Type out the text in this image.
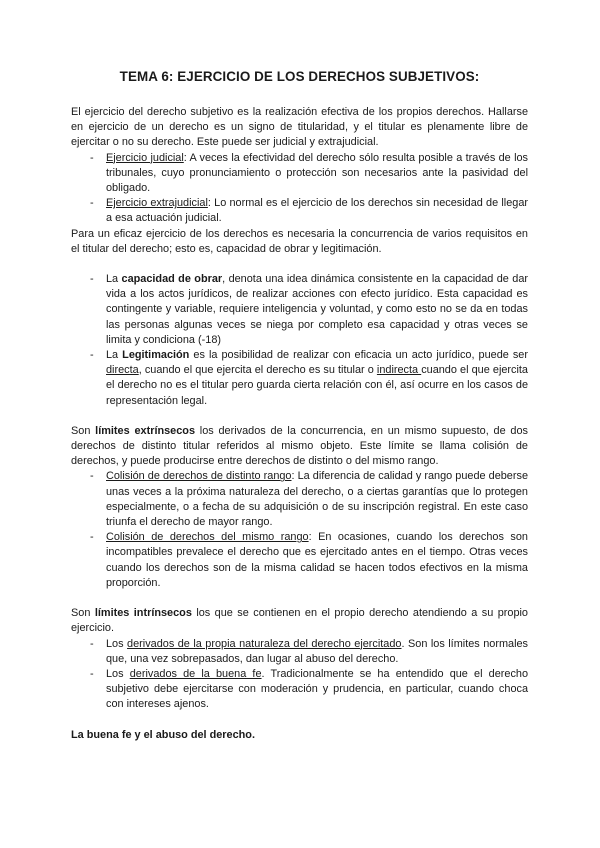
TEMA 6: EJERCICIO DE LOS DERECHOS SUBJETIVOS:

El ejercicio del derecho subjetivo es la realización efectiva de los propios derechos. Hallarse en ejercicio de un derecho es un signo de titularidad, y el titular es plenamente libre de ejercitar o no su derecho. Este puede ser judicial y extrajudicial.

- Ejercicio judicial: A veces la efectividad del derecho sólo resulta posible a través de los tribunales, cuyo pronunciamiento o protección son necesarios ante la pasividad del obligado.
- Ejercicio extrajudicial: Lo normal es el ejercicio de los derechos sin necesidad de llegar a esa actuación judicial.

Para un eficaz ejercicio de los derechos es necesaria la concurrencia de varios requisitos en el titular del derecho; esto es, capacidad de obrar y legitimación.

- La capacidad de obrar, denota una idea dinámica consistente en la capacidad de dar vida a los actos jurídicos, de realizar acciones con efecto jurídico. Esta capacidad es contingente y variable, requiere inteligencia y voluntad, y como esto no se da en todas las personas algunas veces se niega por completo esa capacidad y otras veces se limita y condiciona (-18)
- La Legitimación es la posibilidad de realizar con eficacia un acto jurídico, puede ser directa, cuando el que ejercita el derecho es su titular o indirecta cuando el que ejercita el derecho no es el titular pero guarda cierta relación con él, así ocurre en los casos de representación legal.

Son límites extrínsecos los derivados de la concurrencia, en un mismo supuesto, de dos derechos de distinto titular referidos al mismo objeto. Este límite se llama colisión de derechos, y puede producirse entre derechos de distinto o del mismo rango.

- Colisión de derechos de distinto rango: La diferencia de calidad y rango puede deberse unas veces a la próxima naturaleza del derecho, o a ciertas garantías que lo protegen especialmente, o a fecha de su adquisición o de su inscripción registral. En este caso triunfa el derecho de mayor rango.
- Colisión de derechos del mismo rango: En ocasiones, cuando los derechos son incompatibles prevalece el derecho que es ejercitado antes en el tiempo. Otras veces cuando los derechos son de la misma calidad se hacen todos efectivos en la misma proporción.

Son límites intrínsecos los que se contienen en el propio derecho atendiendo a su propio ejercicio.

- Los derivados de la propia naturaleza del derecho ejercitado. Son los límites normales que, una vez sobrepasados, dan lugar al abuso del derecho.
- Los derivados de la buena fe. Tradicionalmente se ha entendido que el derecho subjetivo debe ejercitarse con moderación y prudencia, en particular, cuando choca con intereses ajenos.

La buena fe y el abuso del derecho.
